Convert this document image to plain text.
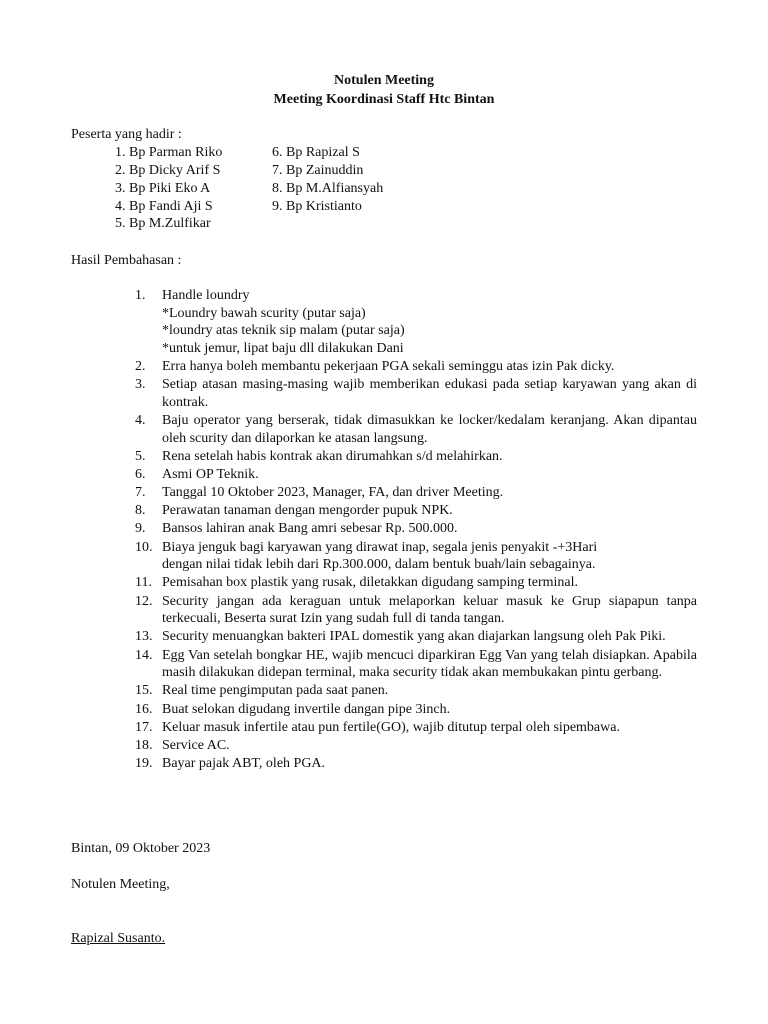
Notulen Meeting
Meeting Koordinasi Staff Htc Bintan
Peserta yang hadir :
1. Bp Parman Riko
2. Bp Dicky Arif S
3. Bp Piki Eko A
4. Bp Fandi Aji S
5. Bp M.Zulfikar
6. Bp Rapizal S
7. Bp Zainuddin
8. Bp M.Alfiansyah
9. Bp Kristianto
Hasil Pembahasan :
1.	Handle loundry
*Loundry bawah scurity (putar saja)
*loundry atas teknik sip malam (putar saja)
*untuk jemur, lipat baju dll dilakukan Dani
2.	Erra hanya boleh membantu pekerjaan PGA sekali seminggu atas izin Pak dicky.
3.	Setiap atasan masing-masing wajib memberikan edukasi pada setiap karyawan yang akan di kontrak.
4.	Baju operator yang berserak, tidak dimasukkan ke locker/kedalam keranjang. Akan dipantau oleh scurity dan dilaporkan ke atasan langsung.
5.	Rena setelah habis kontrak akan dirumahkan s/d melahirkan.
6.	Asmi OP Teknik.
7.	Tanggal 10 Oktober 2023, Manager, FA, dan driver Meeting.
8.	Perawatan tanaman dengan mengorder pupuk NPK.
9.	Bansos lahiran anak Bang amri sebesar Rp. 500.000.
10. Biaya jenguk bagi karyawan yang dirawat inap, segala jenis penyakit -+3Hari
dengan nilai tidak lebih dari Rp.300.000, dalam bentuk buah/lain sebagainya.
11. Pemisahan box plastik yang rusak, diletakkan digudang samping terminal.
12. Security jangan ada keraguan untuk melaporkan keluar masuk ke Grup siapapun tanpa terkecuali, Beserta surat Izin yang sudah full di tanda tangan.
13. Security menuangkan bakteri IPAL domestik yang akan diajarkan langsung oleh Pak Piki.
14. Egg Van setelah bongkar HE, wajib mencuci diparkiran Egg Van yang telah disiapkan. Apabila masih dilakukan didepan terminal, maka security tidak akan membukakan pintu gerbang.
15. Real time pengimputan pada saat panen.
16. Buat selokan digudang invertile dangan pipe 3inch.
17. Keluar masuk infertile atau pun fertile(GO), wajib ditutup terpal oleh sipembawa.
18. Service AC.
19. Bayar pajak ABT, oleh PGA.
Bintan, 09 Oktober 2023
Notulen Meeting,
Rapizal Susanto.
